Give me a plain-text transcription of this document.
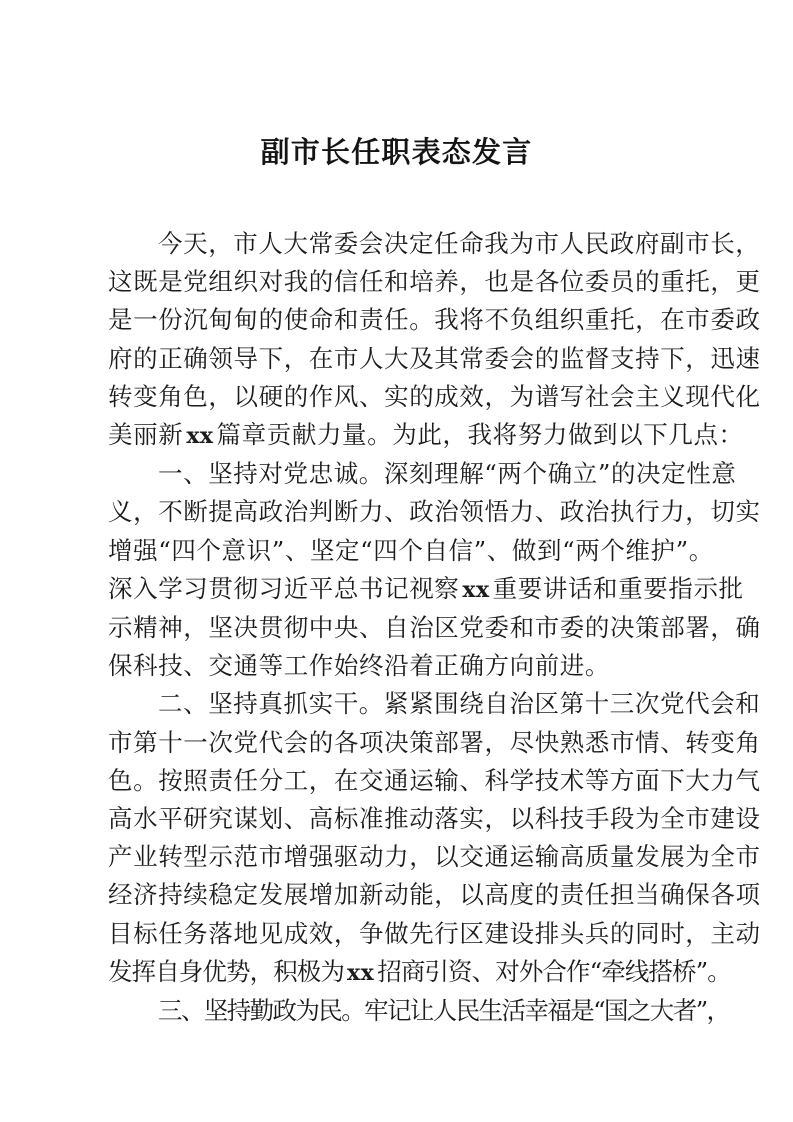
副市长任职表态发言

今天，市人大常委会决定任命我为市人民政府副市长，
这既是党组织对我的信任和培养，也是各位委员的重托，更
是一份沉甸甸的使命和责任。我将不负组织重托，在市委政
府的正确领导下，在市人大及其常委会的监督支持下，迅速
转变角色，以硬的作风、实的成效，为谱写社会主义现代化
美丽新 xx 篇章贡献力量。为此，我将努力做到以下几点：

一、坚持对党忠诚。深刻理解“两个确立”的决定性意
义，不断提高政治判断力、政治领悟力、政治执行力，切实
增强“四个意识”、坚定“四个自信”、做到“两个维护”。
深入学习贯彻习近平总书记视察 xx 重要讲话和重要指示批
示精神，坚决贯彻中央、自治区党委和市委的决策部署，确
保科技、交通等工作始终沿着正确方向前进。

二、坚持真抓实干。紧紧围绕自治区第十三次党代会和
市第十一次党代会的各项决策部署，尽快熟悉市情、转变角
色。按照责任分工，在交通运输、科学技术等方面下大力气
高水平研究谋划、高标准推动落实，以科技手段为全市建设
产业转型示范市增强驱动力，以交通运输高质量发展为全市
经济持续稳定发展增加新动能，以高度的责任担当确保各项
目标任务落地见成效，争做先行区建设排头兵的同时，主动
发挥自身优势，积极为 xx 招商引资、对外合作“牵线搭桥”。

三、坚持勤政为民。牢记让人民生活幸福是“国之大者”，
